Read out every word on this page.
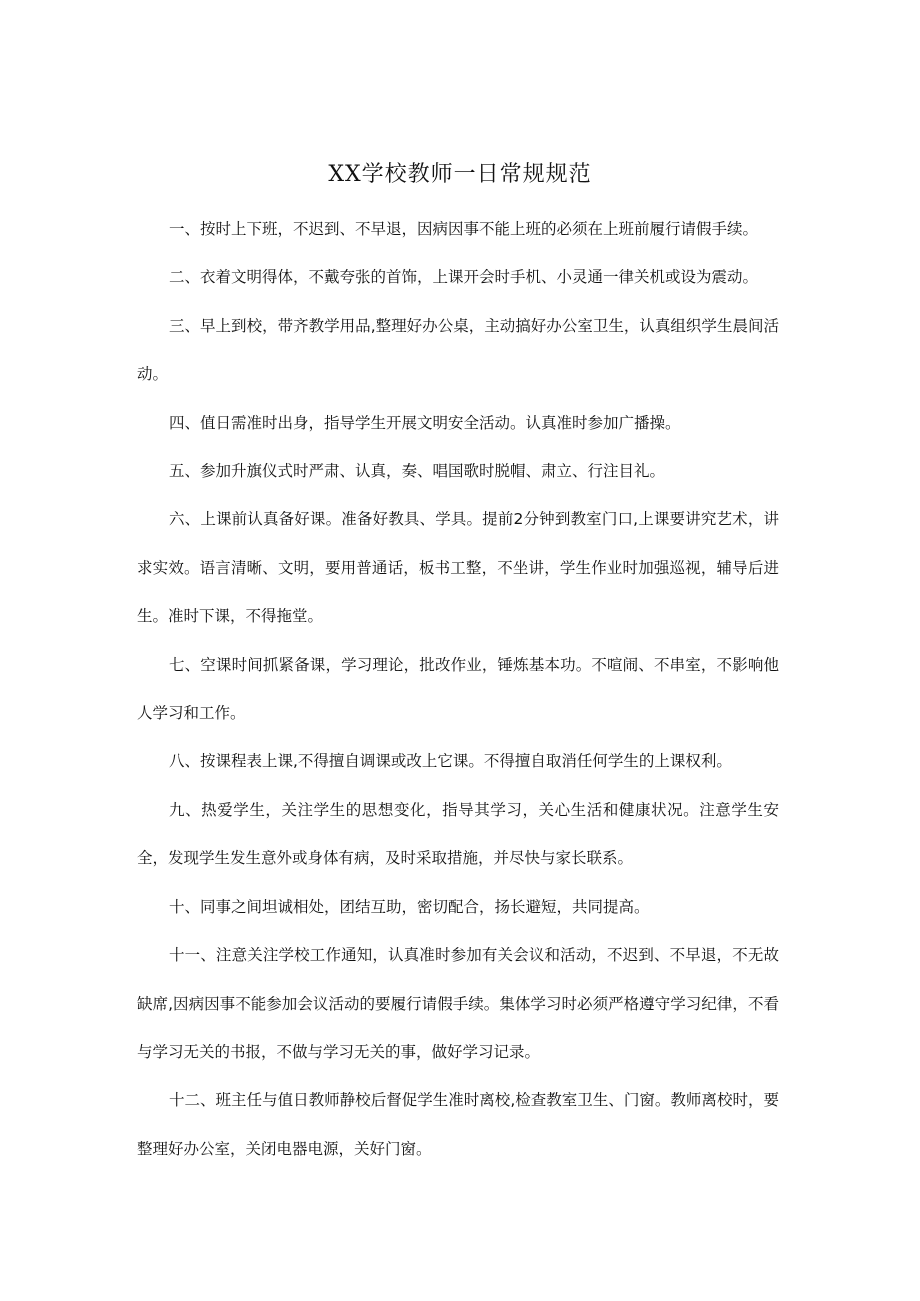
XX学校教师一日常规规范

一、按时上下班，不迟到、不早退，因病因事不能上班的必须在上班前履行请假手续。

二、衣着文明得体，不戴夸张的首饰，上课开会时手机、小灵通一律关机或设为震动。

三、早上到校，带齐教学用品,整理好办公桌，主动搞好办公室卫生，认真组织学生晨间活动。

四、值日需准时出身，指导学生开展文明安全活动。认真准时参加广播操。

五、参加升旗仪式时严肃、认真，奏、唱国歌时脱帽、肃立、行注目礼。

六、上课前认真备好课。准备好教具、学具。提前2分钟到教室门口,上课要讲究艺术，讲求实效。语言清晰、文明，要用普通话，板书工整，不坐讲，学生作业时加强巡视，辅导后进生。准时下课，不得拖堂。

七、空课时间抓紧备课，学习理论，批改作业，锤炼基本功。不喧闹、不串室，不影响他人学习和工作。

八、按课程表上课,不得擅自调课或改上它课。不得擅自取消任何学生的上课权利。

九、热爱学生，关注学生的思想变化，指导其学习，关心生活和健康状况。注意学生安全，发现学生发生意外或身体有病，及时采取措施，并尽快与家长联系。

十、同事之间坦诚相处，团结互助，密切配合，扬长避短，共同提高。

十一、注意关注学校工作通知，认真准时参加有关会议和活动，不迟到、不早退，不无故缺席,因病因事不能参加会议活动的要履行请假手续。集体学习时必须严格遵守学习纪律，不看与学习无关的书报，不做与学习无关的事，做好学习记录。

十二、班主任与值日教师静校后督促学生准时离校,检查教室卫生、门窗。教师离校时，要整理好办公室，关闭电器电源，关好门窗。
